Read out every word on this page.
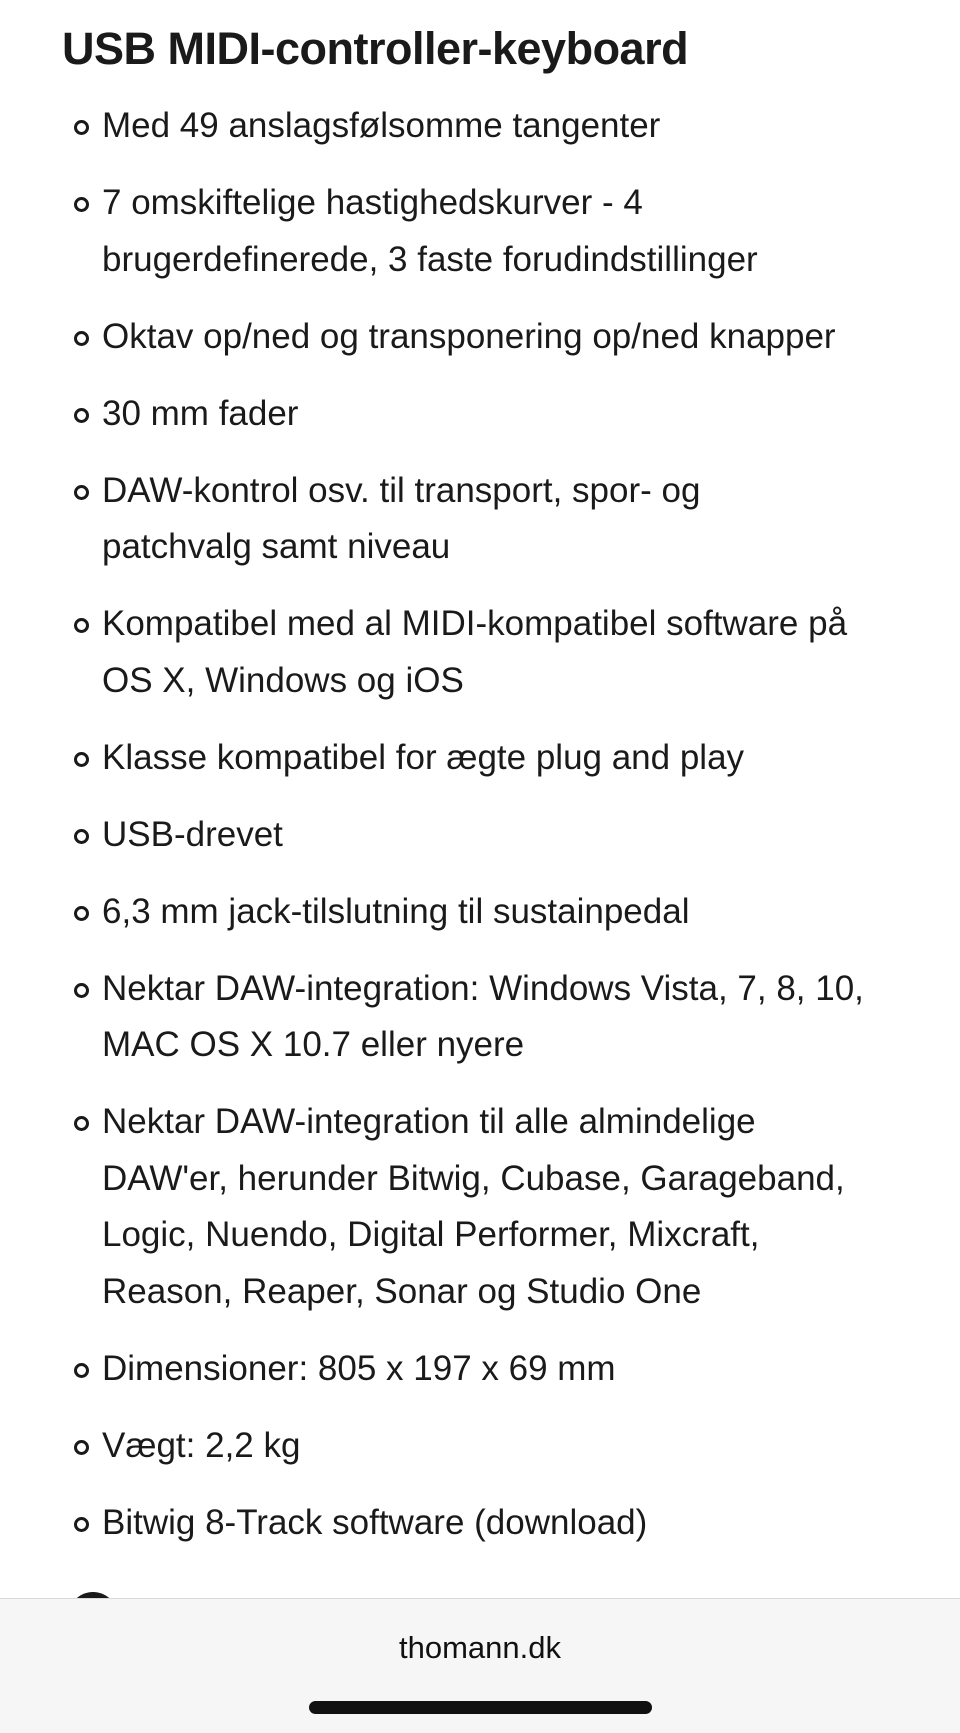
USB MIDI-controller-keyboard
Med 49 anslagsfølsomme tangenter
7 omskiftelige hastighedskurver - 4
brugerdefinerede, 3 faste forudindstillinger
Oktav op/ned og transponering op/ned knapper
30 mm fader
DAW-kontrol osv. til transport, spor- og
patchvalg samt niveau
Kompatibel med al MIDI-kompatibel software på
OS X, Windows og iOS
Klasse kompatibel for ægte plug and play
USB-drevet
6,3 mm jack-tilslutning til sustainpedal
Nektar DAW-integration: Windows Vista, 7, 8, 10,
MAC OS X 10.7 eller nyere
Nektar DAW-integration til alle almindelige
DAW'er, herunder Bitwig, Cubase, Garageband,
Logic, Nuendo, Digital Performer, Mixcraft,
Reason, Reaper, Sonar og Studio One
Dimensioner: 805 x 197 x 69 mm
Vægt: 2,2 kg
Bitwig 8-Track software (download)
thomann.dk
